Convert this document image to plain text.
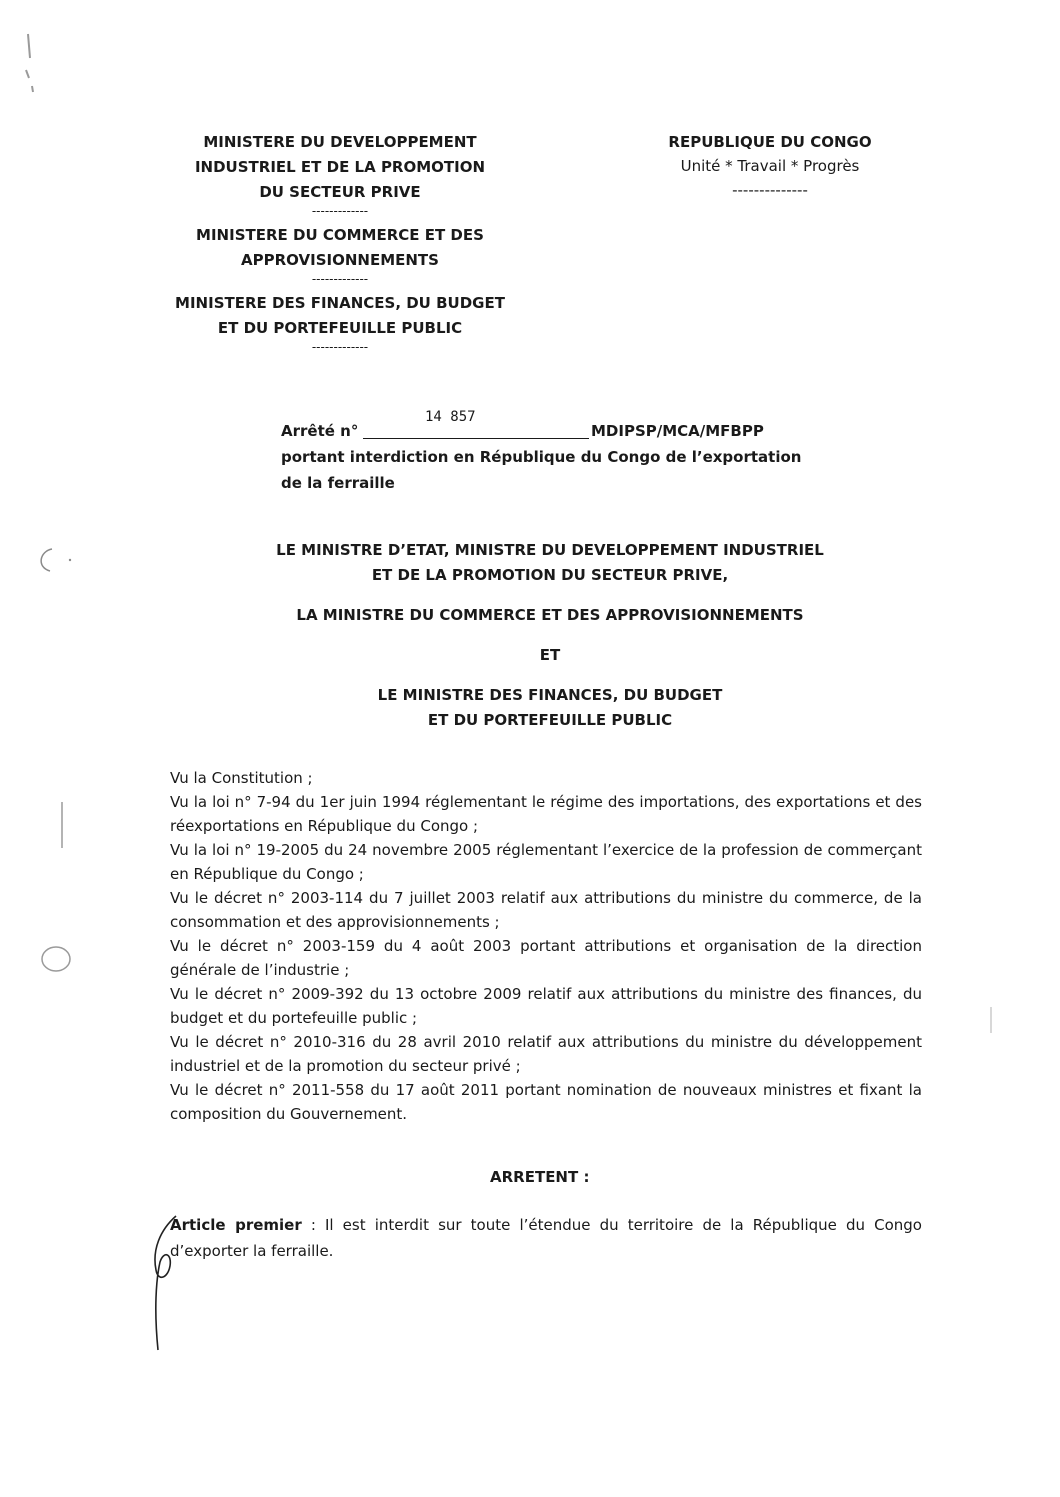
MINISTERE DU DEVELOPPEMENT
INDUSTRIEL ET DE LA PROMOTION
DU SECTEUR PRIVE
-------------
MINISTERE DU COMMERCE ET DES
APPROVISIONNEMENTS
-------------
MINISTERE DES FINANCES, DU BUDGET
ET DU PORTEFEUILLE PUBLIC
-------------
REPUBLIQUE DU CONGO
Unité * Travail * Progrès
--------------
Arrêté n°
14 857
MDIPSP/MCA/MFBPP
portant interdiction en République du Congo de l’exportation
de la ferraille

LE MINISTRE D’ETAT, MINISTRE DU DEVELOPPEMENT INDUSTRIEL

ET DE LA PROMOTION DU SECTEUR PRIVE,

LA MINISTRE DU COMMERCE ET DES APPROVISIONNEMENTS

ET

LE MINISTRE DES FINANCES, DU BUDGET

ET DU PORTEFEUILLE PUBLIC

Vu la Constitution ;

Vu la loi n° 7-94 du 1er juin 1994 réglementant le régime des importations, des exportations et des réexportations en République du Congo ;

Vu la loi n° 19-2005 du 24 novembre 2005 réglementant l’exercice de la profession de commerçant en République du Congo ;

Vu le décret n° 2003-114 du 7 juillet 2003 relatif aux attributions du ministre du commerce, de la consommation et des approvisionnements ;

Vu le décret n° 2003-159 du 4 août 2003 portant attributions et organisation de la direction générale de l’industrie ;

Vu le décret n° 2009-392 du 13 octobre 2009 relatif aux attributions du ministre des finances, du budget et du portefeuille public ;

Vu le décret n° 2010-316 du 28 avril 2010 relatif aux attributions du ministre du développement industriel et de la promotion du secteur privé ;

Vu le décret n° 2011-558 du 17 août 2011 portant nomination de nouveaux ministres et fixant la composition du Gouvernement.

ARRETENT :
Article premier : Il est interdit sur toute l’étendue du territoire de la République du Congo d’exporter la ferraille.
